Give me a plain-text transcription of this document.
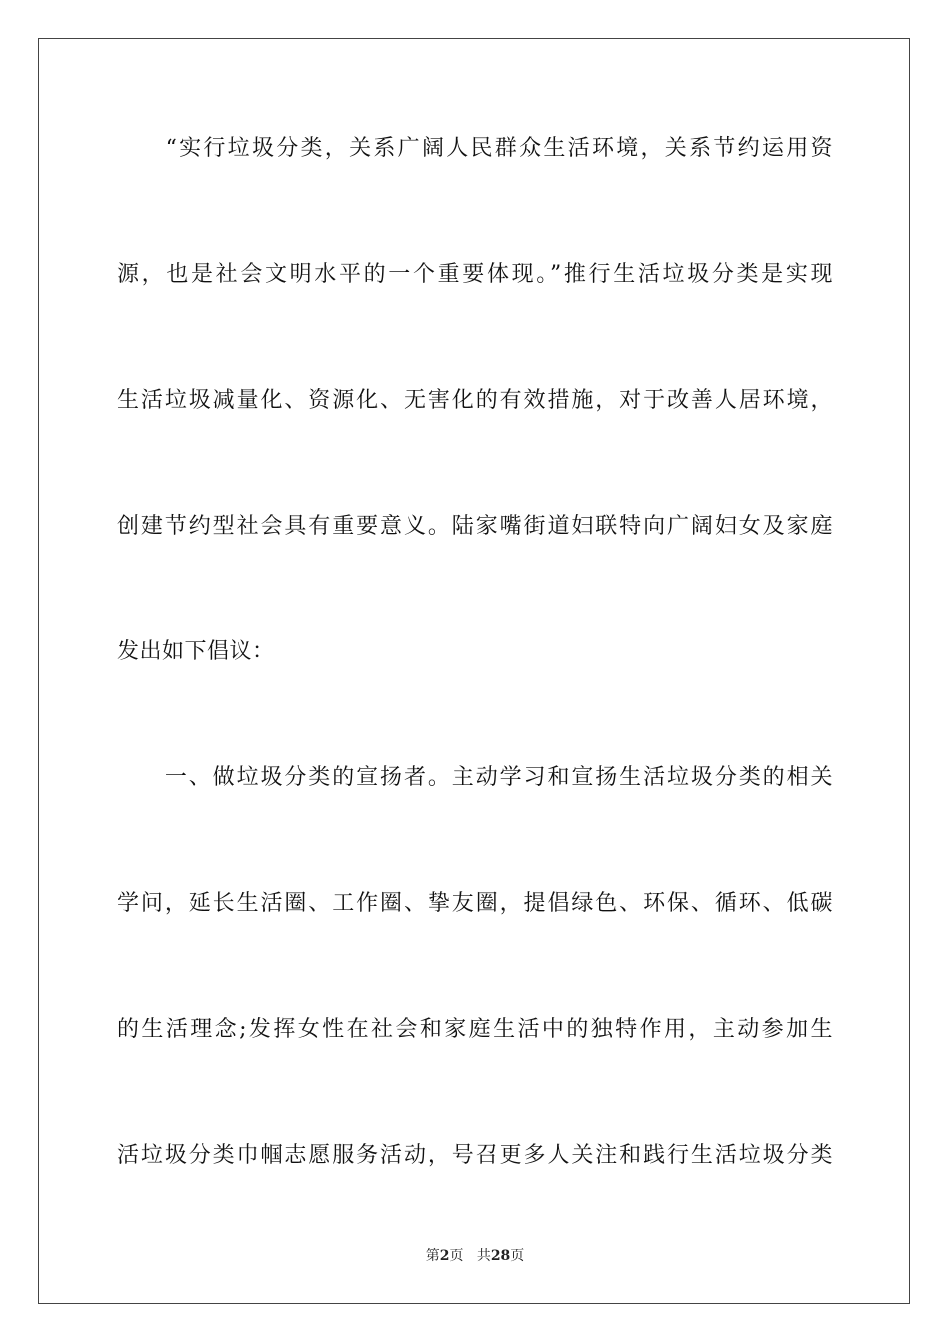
　　“实行垃圾分类，关系广阔人民群众生活环境，关系节约运用资
源，也是社会文明水平的一个重要体现。”推行生活垃圾分类是实现
生活垃圾减量化、资源化、无害化的有效措施，对于改善人居环境，
创建节约型社会具有重要意义。陆家嘴街道妇联特向广阔妇女及家庭
发出如下倡议：
　　一、做垃圾分类的宣扬者。主动学习和宣扬生活垃圾分类的相关
学问，延长生活圈、工作圈、挚友圈，提倡绿色、环保、循环、低碳
的生活理念;发挥女性在社会和家庭生活中的独特作用，主动参加生
活垃圾分类巾帼志愿服务活动，号召更多人关注和践行生活垃圾分类
第2页 共28页
